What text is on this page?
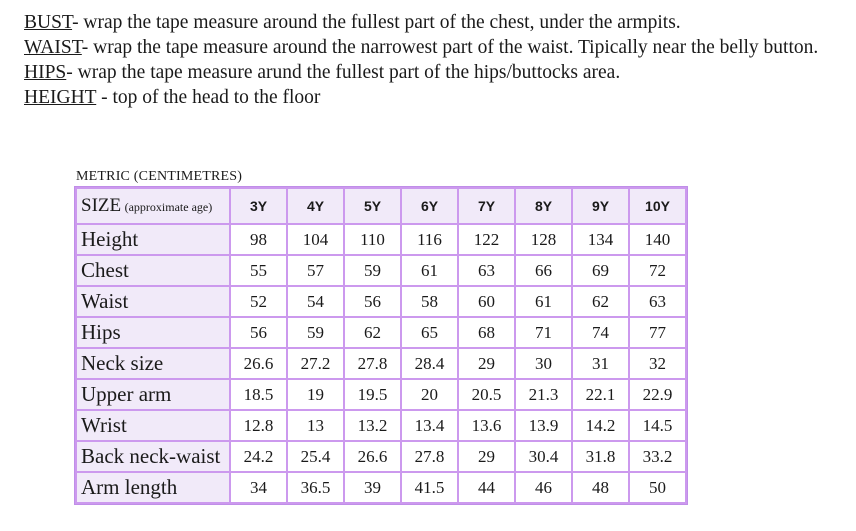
BUST- wrap the tape measure around the fullest part of the chest, under the armpits.

WAIST- wrap the tape measure around the narrowest part of the waist. Tipically near the belly button.

HIPS- wrap the tape measure arund the fullest part of the hips/buttocks area.

HEIGHT - top of the head to the floor

METRIC (CENTIMETRES)
SIZE (approximate age)	3Y	4Y	5Y	6Y	7Y	8Y	9Y	10Y
Height	98	104	110	116	122	128	134	140
Chest	55	57	59	61	63	66	69	72
Waist	52	54	56	58	60	61	62	63
Hips	56	59	62	65	68	71	74	77
Neck size	26.6	27.2	27.8	28.4	29	30	31	32
Upper arm	18.5	19	19.5	20	20.5	21.3	22.1	22.9
Wrist	12.8	13	13.2	13.4	13.6	13.9	14.2	14.5
Back neck-waist	24.2	25.4	26.6	27.8	29	30.4	31.8	33.2
Arm length	34	36.5	39	41.5	44	46	48	50
